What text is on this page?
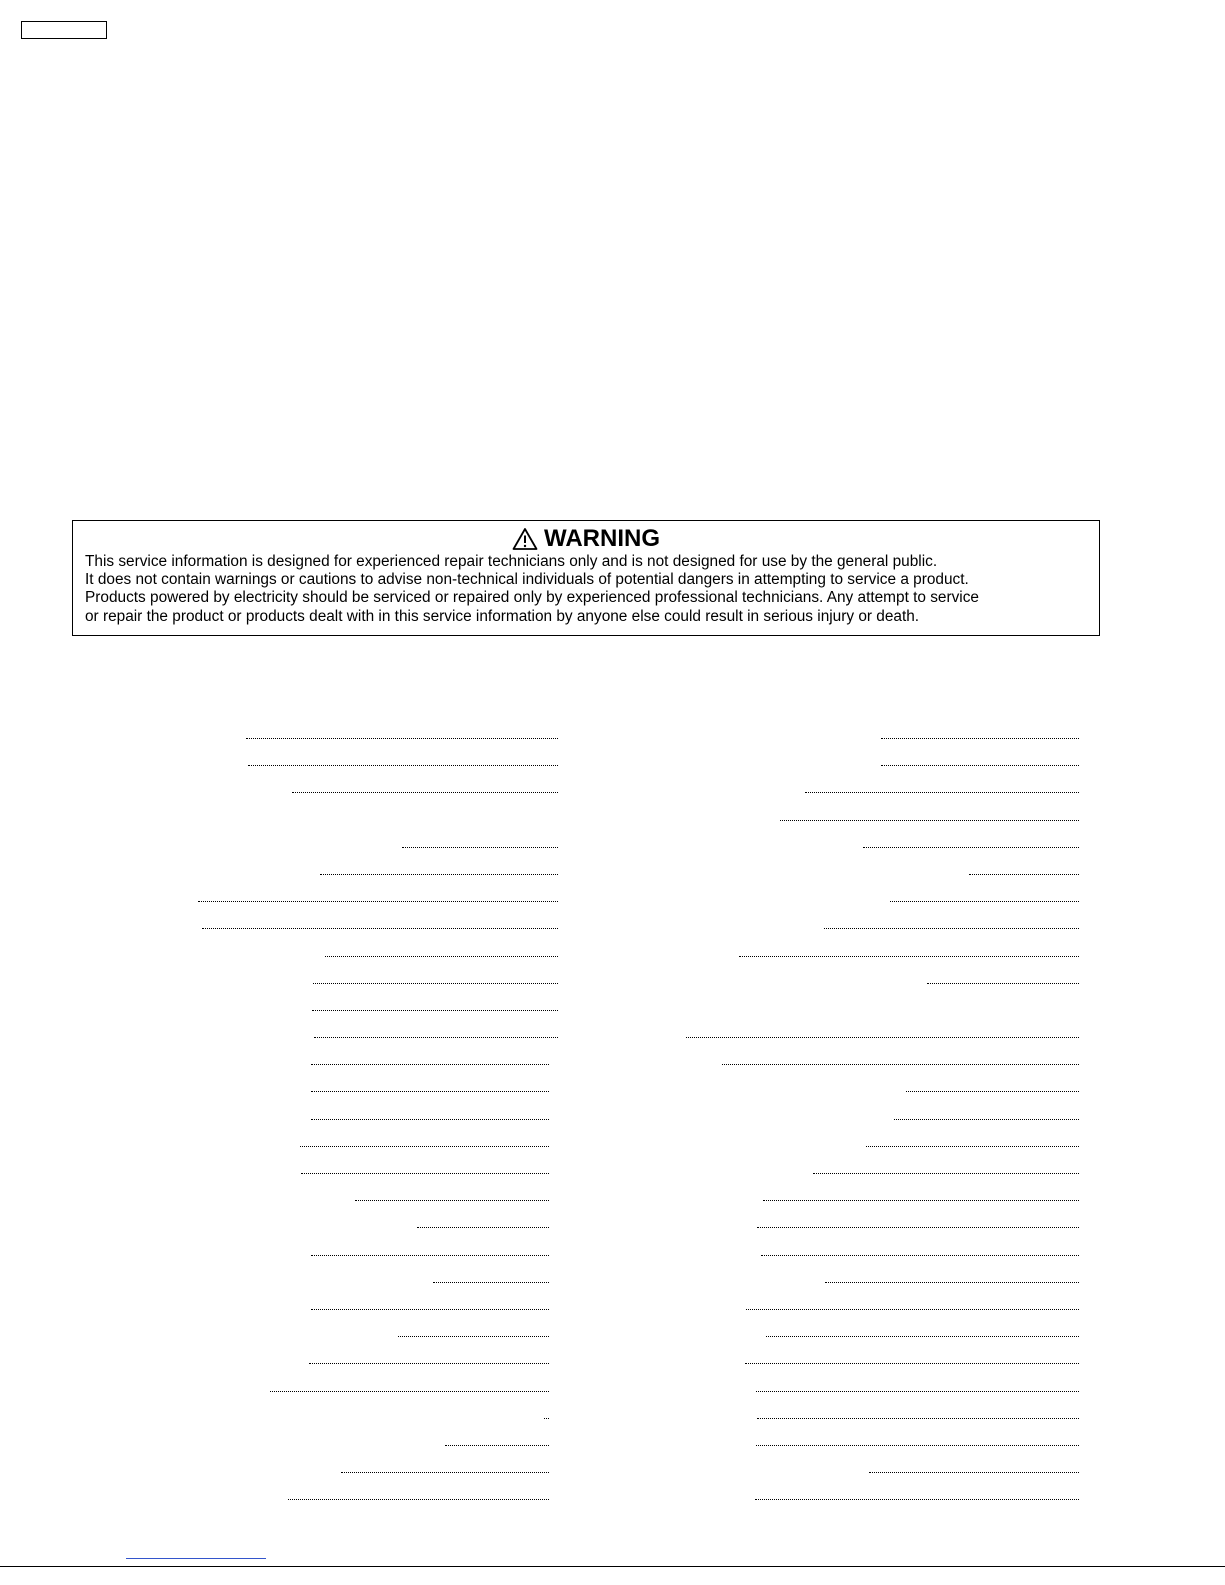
WARNING

This service information is designed for experienced repair technicians only and is not designed for use by the general public.

It does not contain warnings or cautions to advise non-technical individuals of potential dangers in attempting to service a product.

Products powered by electricity should be serviced or repaired only by experienced professional technicians. Any attempt to service

or repair the product or products dealt with in this service information by anyone else could result in serious injury or death.
